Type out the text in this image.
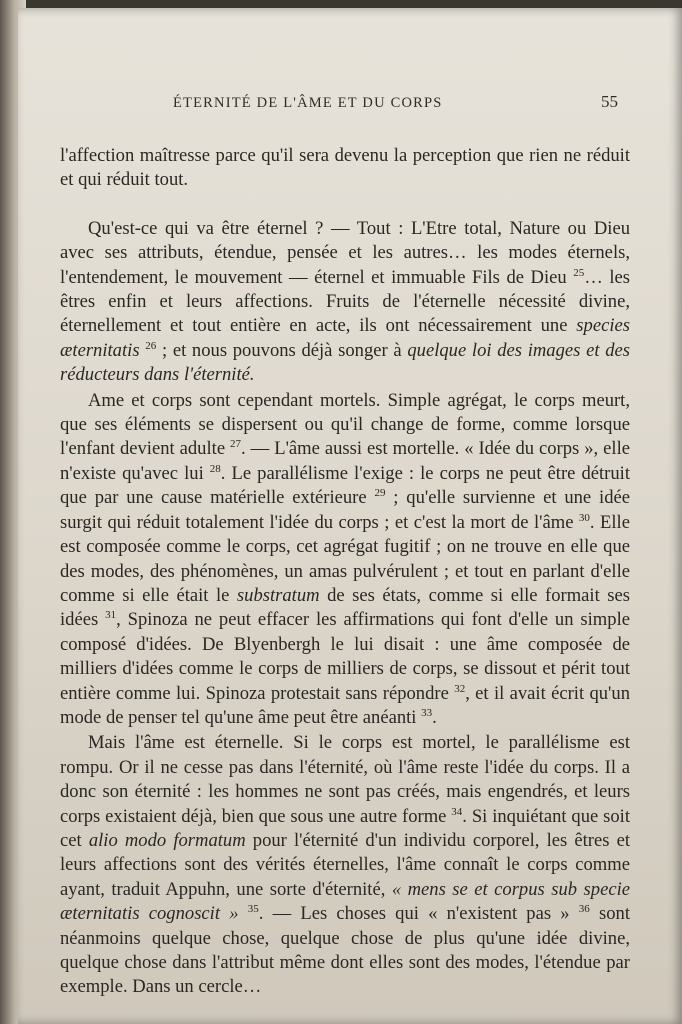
ÉTERNITÉ DE L'ÂME ET DU CORPS	55

l'affection maîtresse parce qu'il sera devenu la perception que rien ne réduit et qui réduit tout.

Qu'est-ce qui va être éternel ? — Tout : L'Etre total, Nature ou Dieu avec ses attributs, étendue, pensée et les autres… les modes éternels, l'entendement, le mouvement — éternel et immuable Fils de Dieu $^{25}$… les êtres enfin et leurs affections. Fruits de l'éternelle nécessité divine, éternellement et tout entière en acte, ils ont nécessairement une species æternitatis $^{26}$ ; et nous pouvons déjà songer à quelque loi des images et des réducteurs dans l'éternité.

Ame et corps sont cependant mortels. Simple agrégat, le corps meurt, que ses éléments se dispersent ou qu'il change de forme, comme lorsque l'enfant devient adulte $^{27}$. — L'âme aussi est mortelle. « Idée du corps », elle n'existe qu'avec lui $^{28}$. Le parallélisme l'exige : le corps ne peut être détruit que par une cause matérielle extérieure $^{29}$ ; qu'elle survienne et une idée surgit qui réduit totalement l'idée du corps ; et c'est la mort de l'âme $^{30}$. Elle est composée comme le corps, cet agrégat fugitif ; on ne trouve en elle que des modes, des phénomènes, un amas pulvérulent ; et tout en parlant d'elle comme si elle était le substratum de ses états, comme si elle formait ses idées $^{31}$, Spinoza ne peut effacer les affirmations qui font d'elle un simple composé d'idées. De Blyenbergh le lui disait : une âme composée de milliers d'idées comme le corps de milliers de corps, se dissout et périt tout entière comme lui. Spinoza protestait sans répondre $^{32}$, et il avait écrit qu'un mode de penser tel qu'une âme peut être anéanti $^{33}$.

Mais l'âme est éternelle. Si le corps est mortel, le parallélisme est rompu. Or il ne cesse pas dans l'éternité, où l'âme reste l'idée du corps. Il a donc son éternité : les hommes ne sont pas créés, mais engendrés, et leurs corps existaient déjà, bien que sous une autre forme $^{34}$. Si inquiétant que soit cet alio modo formatum pour l'éternité d'un individu corporel, les êtres et leurs affections sont des vérités éternelles, l'âme connaît le corps comme ayant, traduit Appuhn, une sorte d'éternité, « mens se et corpus sub specie æternitatis cognoscit » $^{35}$. — Les choses qui « n'existent pas » $^{36}$ sont néanmoins quelque chose, quelque chose de plus qu'une idée divine, quelque chose dans l'attribut même dont elles sont des modes, l'étendue par exemple. Dans un cercle…
